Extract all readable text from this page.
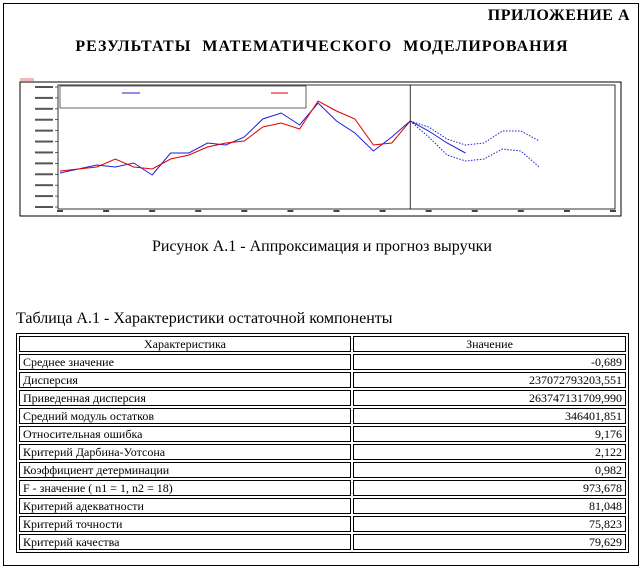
ПРИЛОЖЕНИЕ А
РЕЗУЛЬТАТЫ МАТЕМАТИЧЕСКОГО МОДЕЛИРОВАНИЯ
Рисунок А.1 - Аппроксимация и прогноз выручки
Таблица А.1 - Характеристики остаточной компоненты
Характеристика	Значение
Среднее значение	-0,689
Дисперсия	237072793203,551
Приведенная дисперсия	263747131709,990
Средний модуль остатков	346401,851
Относительная ошибка	9,176
Критерий Дарбина-Уотсона	2,122
Коэффициент детерминации	0,982
F - значение ( n1 = 1, n2 = 18)	973,678
Критерий адекватности	81,048
Критерий точности	75,823
Критерий качества	79,629
